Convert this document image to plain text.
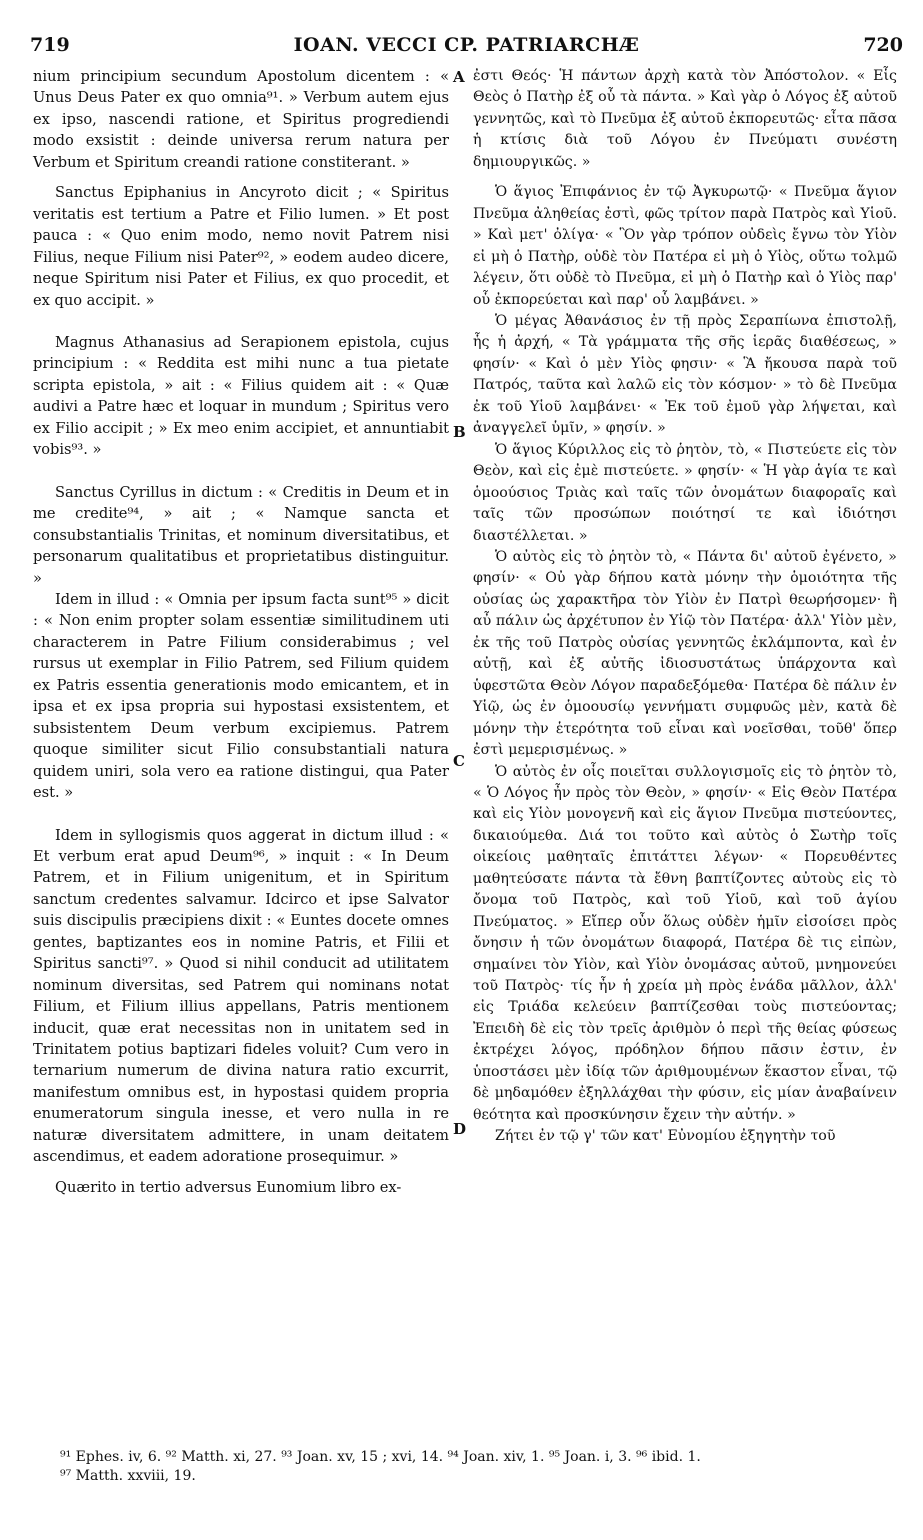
719	IOAN. VECCI CP. PATRIARCHÆ	720

nium principium secundum Apostolum dicentem : « Unus Deus Pater ex quo omnia⁹¹. » Verbum autem ejus ex ipso, nascendi ratione, et Spiritus progrediendi modo exsistit : deinde universa rerum natura per Verbum et Spiritum creandi ratione constiterant. »

Sanctus Epiphanius in Ancyroto dicit ; « Spiritus veritatis est tertium a Patre et Filio lumen. » Et post pauca : « Quo enim modo, nemo novit Patrem nisi Filius, neque Filium nisi Pater⁹², » eodem audeo dicere, neque Spiritum nisi Pater et Filius, ex quo procedit, et ex quo accipit. »

Magnus Athanasius ad Serapionem epistola, cujus principium : « Reddita est mihi nunc a tua pietate scripta epistola, » ait : « Filius quidem ait : « Quæ audivi a Patre hæc et loquar in mundum ; Spiritus vero ex Filio accipit ; » Ex meo enim accipiet, et annuntiabit vobis⁹³. »

Sanctus Cyrillus in dictum : « Creditis in Deum et in me credite⁹⁴, » ait ; « Namque sancta et consubstantialis Trinitas, et nominum diversitatibus, et personarum qualitatibus et proprietatibus distinguitur. »

Idem in illud : « Omnia per ipsum facta sunt⁹⁵ » dicit : « Non enim propter solam essentiæ similitudinem uti characterem in Patre Filium considerabimus ; vel rursus ut exemplar in Filio Patrem, sed Filium quidem ex Patris essentia generationis modo emicantem, et in ipsa et ex ipsa propria sui hypostasi exsistentem, et subsistentem Deum verbum excipiemus. Patrem quoque similiter sicut Filio consubstantiali natura quidem uniri, sola vero ea ratione distingui, qua Pater est. »

Idem in syllogismis quos aggerat in dictum illud : « Et verbum erat apud Deum⁹⁶, » inquit : « In Deum Patrem, et in Filium unigenitum, et in Spiritum sanctum credentes salvamur. Idcirco et ipse Salvator suis discipulis præcipiens dixit : « Euntes docete omnes gentes, baptizantes eos in nomine Patris, et Filii et Spiritus sancti⁹⁷. » Quod si nihil conducit ad utilitatem nominum diversitas, sed Patrem qui nominans notat Filium, et Filium illius appellans, Patris mentionem inducit, quæ erat necessitas non in unitatem sed in Trinitatem potius baptizari fideles voluit? Cum vero in ternarium numerum de divina natura ratio excurrit, manifestum omnibus est, in hypostasi quidem propria enumeratorum singula inesse, et vero nulla in re naturæ diversitatem admittere, in unam deitatem ascendimus, et eadem adoratione prosequimur. »

Quærito in tertio adversus Eunomium libro ex-

A
B
C
D

ἐστι Θεός· Ἡ πάντων ἀρχὴ κατὰ τὸν Ἀπόστολον. « Εἷς Θεὸς ὁ Πατὴρ ἐξ οὗ τὰ πάντα. » Καὶ γὰρ ὁ Λόγος ἐξ αὐτοῦ γεννητῶς, καὶ τὸ Πνεῦμα ἐξ αὐτοῦ ἐκπορευτῶς· εἶτα πᾶσα ἡ κτίσις διὰ τοῦ Λόγου ἐν Πνεύματι συνέστη δημιουργικῶς. »

Ὁ ἅγιος Ἐπιφάνιος ἐν τῷ Ἀγκυρωτῷ· « Πνεῦμα ἅγιον Πνεῦμα ἀληθείας ἐστὶ, φῶς τρίτον παρὰ Πατρὸς καὶ Υἱοῦ. » Καὶ μετ' ὀλίγα· « Ὃν γὰρ τρόπον οὐδεὶς ἔγνω τὸν Υἱὸν εἰ μὴ ὁ Πατὴρ, οὐδὲ τὸν Πατέρα εἰ μὴ ὁ Υἱὸς, οὕτω τολμῶ λέγειν, ὅτι οὐδὲ τὸ Πνεῦμα, εἰ μὴ ὁ Πατὴρ καὶ ὁ Υἱὸς παρ' οὗ ἐκπορεύεται καὶ παρ' οὗ λαμβάνει. »

Ὁ μέγας Ἀθανάσιος ἐν τῇ πρὸς Σεραπίωνα ἐπιστολῇ, ἧς ἡ ἀρχή, « Τὰ γράμματα τῆς σῆς ἱερᾶς διαθέσεως, » φησίν· « Καὶ ὁ μὲν Υἱὸς φησιν· « Ἃ ἤκουσα παρὰ τοῦ Πατρός, ταῦτα καὶ λαλῶ εἰς τὸν κόσμον· » τὸ δὲ Πνεῦμα ἐκ τοῦ Υἱοῦ λαμβάνει· « Ἐκ τοῦ ἐμοῦ γὰρ λήψεται, καὶ ἀναγγελεῖ ὑμῖν, » φησίν. »

Ὁ ἅγιος Κύριλλος εἰς τὸ ῥητὸν, τὸ, « Πιστεύετε εἰς τὸν Θεὸν, καὶ εἰς ἐμὲ πιστεύετε. » φησίν· « Ἡ γὰρ ἁγία τε καὶ ὁμοούσιος Τριὰς καὶ ταῖς τῶν ὀνομάτων διαφοραῖς καὶ ταῖς τῶν προσώπων ποιότησί τε καὶ ἰδιότησι διαστέλλεται. »

Ὁ αὐτὸς εἰς τὸ ῥητὸν τὸ, « Πάντα δι' αὐτοῦ ἐγένετο, » φησίν· « Οὐ γὰρ δήπου κατὰ μόνην τὴν ὁμοιότητα τῆς οὐσίας ὡς χαρακτῆρα τὸν Υἱὸν ἐν Πατρὶ θεωρήσομεν· ἢ αὖ πάλιν ὡς ἀρχέτυπον ἐν Υἱῷ τὸν Πατέρα· ἀλλ' Υἱὸν μὲν, ἐκ τῆς τοῦ Πατρὸς οὐσίας γεννητῶς ἐκλάμποντα, καὶ ἐν αὐτῇ, καὶ ἐξ αὐτῆς ἰδιοσυστάτως ὑπάρχοντα καὶ ὑφεστῶτα Θεὸν Λόγον παραδεξόμεθα· Πατέρα δὲ πάλιν ἐν Υἱῷ, ὡς ἐν ὁμοουσίῳ γεννήματι συμφυῶς μὲν, κατὰ δὲ μόνην τὴν ἑτερότητα τοῦ εἶναι καὶ νοεῖσθαι, τοῦθ' ὅπερ ἐστὶ μεμερισμένως. »

Ὁ αὐτὸς ἐν οἷς ποιεῖται συλλογισμοῖς εἰς τὸ ῥητὸν τὸ, « Ὁ Λόγος ἦν πρὸς τὸν Θεὸν, » φησίν· « Εἰς Θεὸν Πατέρα καὶ εἰς Υἱὸν μονογενῆ καὶ εἰς ἅγιον Πνεῦμα πιστεύοντες, δικαιούμεθα. Διά τοι τοῦτο καὶ αὐτὸς ὁ Σωτὴρ τοῖς οἰκείοις μαθηταῖς ἐπιτάττει λέγων· « Πορευθέντες μαθητεύσατε πάντα τὰ ἔθνη βαπτίζοντες αὐτοὺς εἰς τὸ ὄνομα τοῦ Πατρὸς, καὶ τοῦ Υἱοῦ, καὶ τοῦ ἁγίου Πνεύματος. » Εἴπερ οὖν ὅλως οὐδὲν ἡμῖν εἰσοίσει πρὸς ὄνησιν ἡ τῶν ὀνομάτων διαφορά, Πατέρα δὲ τις εἰπὼν, σημαίνει τὸν Υἱὸν, καὶ Υἱὸν ὀνομάσας αὐτοῦ, μνημονεύει τοῦ Πατρὸς· τίς ἦν ἡ χρεία μὴ πρὸς ἑνάδα μᾶλλον, ἀλλ' εἰς Τριάδα κελεύειν βαπτίζεσθαι τοὺς πιστεύοντας; Ἐπειδὴ δὲ εἰς τὸν τρεῖς ἀριθμὸν ὁ περὶ τῆς θείας φύσεως ἐκτρέχει λόγος, πρόδηλον δήπου πᾶσιν ἐστιν, ἐν ὑποστάσει μὲν ἰδίᾳ τῶν ἀριθμουμένων ἕκαστον εἶναι, τῷ δὲ μηδαμόθεν ἐξηλλάχθαι τὴν φύσιν, εἰς μίαν ἀναβαίνειν θεότητα καὶ προσκύνησιν ἔχειν τὴν αὐτήν. »

Ζήτει ἐν τῷ γ' τῶν κατ' Εὐνομίου ἐξηγητὴν τοῦ

⁹¹ Ephes. iv, 6. ⁹² Matth. xi, 27. ⁹³ Joan. xv, 15 ; xvi, 14. ⁹⁴ Joan. xiv, 1. ⁹⁵ Joan. i, 3. ⁹⁶ ibid. 1.
⁹⁷ Matth. xxviii, 19.
